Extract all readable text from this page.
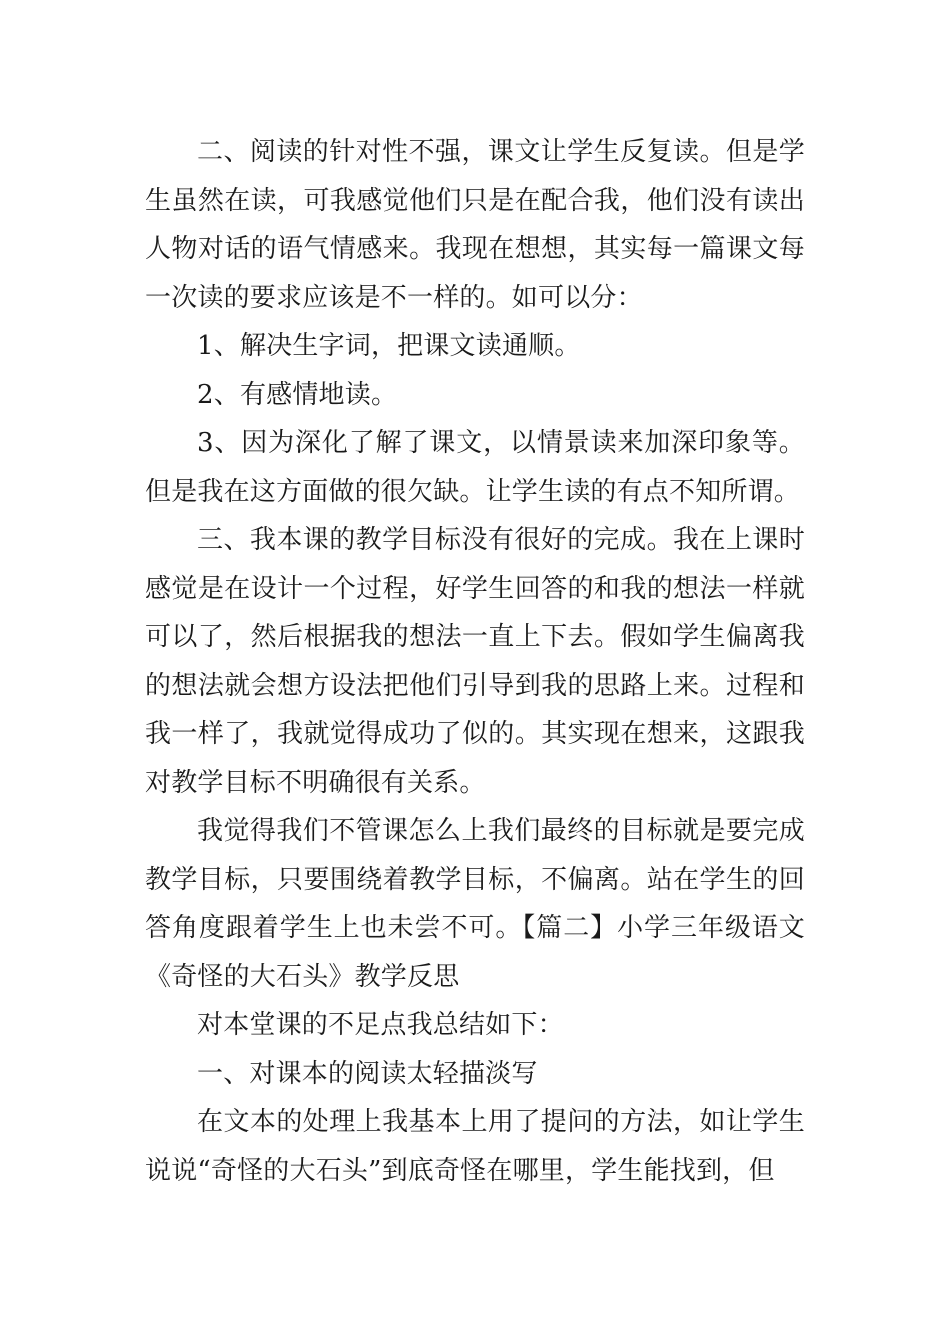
二、阅读的针对性不强，课文让学生反复读。但是学生虽然在读，可我感觉他们只是在配合我，他们没有读出人物对话的语气情感来。我现在想想，其实每一篇课文每一次读的要求应该是不一样的。如可以分：

1、解决生字词，把课文读通顺。

2、有感情地读。

3、因为深化了解了课文，以情景读来加深印象等。但是我在这方面做的很欠缺。让学生读的有点不知所谓。

三、我本课的教学目标没有很好的完成。我在上课时感觉是在设计一个过程，好学生回答的和我的想法一样就可以了，然后根据我的想法一直上下去。假如学生偏离我的想法就会想方设法把他们引导到我的思路上来。过程和我一样了，我就觉得成功了似的。其实现在想来，这跟我对教学目标不明确很有关系。

我觉得我们不管课怎么上我们最终的目标就是要完成教学目标，只要围绕着教学目标，不偏离。站在学生的回答角度跟着学生上也未尝不可。【篇二】小学三年级语文《奇怪的大石头》教学反思

对本堂课的不足点我总结如下：

一、对课本的阅读太轻描淡写

在文本的处理上我基本上用了提问的方法，如让学生说说“奇怪的大石头”到底奇怪在哪里，学生能找到，但
